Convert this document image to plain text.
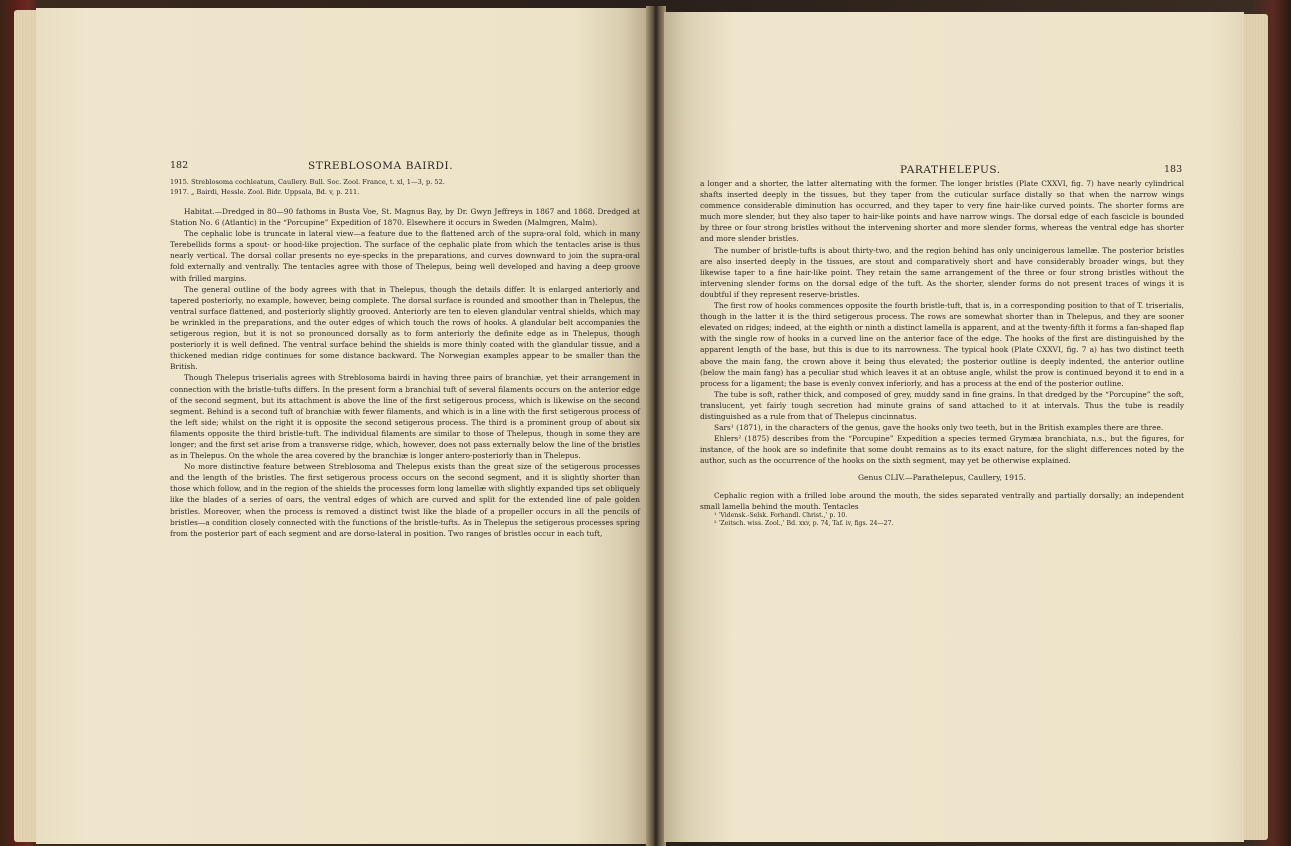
182	STREBLOSOMA BAIRDI.

1915. Streblosoma cochleatum, Caullery. Bull. Soc. Zool. France, t. xl, 1—3, p. 52.

1917. „ Bairdi, Hessle. Zool. Bidr. Uppsala, Bd. v, p. 211.

Habitat.—Dredged in 80—90 fathoms in Busta Voe, St. Magnus Bay, by Dr. Gwyn Jeffreys in 1867 and 1868. Dredged at Station No. 6 (Atlantic) in the “Porcupine” Expedition of 1870. Elsewhere it occurs in Sweden (Malmgren, Malm).

The cephalic lobe is truncate in lateral view—a feature due to the flattened arch of the supra-oral fold, which in many Terebellids forms a spout- or hood-like projection. The surface of the cephalic plate from which the tentacles arise is thus nearly vertical. The dorsal collar presents no eye-specks in the preparations, and curves downward to join the supra-oral fold externally and ventrally. The tentacles agree with those of Thelepus, being well developed and having a deep groove with frilled margins.

The general outline of the body agrees with that in Thelepus, though the details differ. It is enlarged anteriorly and tapered posteriorly, no example, however, being complete. The dorsal surface is rounded and smoother than in Thelepus, the ventral surface flattened, and posteriorly slightly grooved. Anteriorly are ten to eleven glandular ventral shields, which may be wrinkled in the preparations, and the outer edges of which touch the rows of hooks. A glandular belt accompanies the setigerous region, but it is not so pronounced dorsally as to form anteriorly the definite edge as in Thelepus, though posteriorly it is well defined. The ventral surface behind the shields is more thinly coated with the glandular tissue, and a thickened median ridge continues for some distance backward. The Norwegian examples appear to be smaller than the British.

Though Thelepus triserialis agrees with Streblosoma bairdi in having three pairs of branchiæ, yet their arrangement in connection with the bristle-tufts differs. In the present form a branchial tuft of several filaments occurs on the anterior edge of the second segment, but its attachment is above the line of the first setigerous process, which is likewise on the second segment. Behind is a second tuft of branchiæ with fewer filaments, and which is in a line with the first setigerous process of the left side; whilst on the right it is opposite the second setigerous process. The third is a prominent group of about six filaments opposite the third bristle-tuft. The individual filaments are similar to those of Thelepus, though in some they are longer; and the first set arise from a transverse ridge, which, however, does not pass externally below the line of the bristles as in Thelepus. On the whole the area covered by the branchiæ is longer antero-posteriorly than in Thelepus.

No more distinctive feature between Streblosoma and Thelepus exists than the great size of the setigerous processes and the length of the bristles. The first setigerous process occurs on the second segment, and it is slightly shorter than those which follow, and in the region of the shields the processes form long lamellæ with slightly expanded tips set obliquely like the blades of a series of oars, the ventral edges of which are curved and split for the extended line of pale golden bristles. Moreover, when the process is removed a distinct twist like the blade of a propeller occurs in all the pencils of bristles—a condition closely connected with the functions of the bristle-tufts. As in Thelepus the setigerous processes spring from the posterior part of each segment and are dorso-lateral in position. Two ranges of bristles occur in each tuft,

PARATHELEPUS.	183

a longer and a shorter, the latter alternating with the former. The longer bristles (Plate CXXVI, fig. 7) have nearly cylindrical shafts inserted deeply in the tissues, but they taper from the cuticular surface distally so that when the narrow wings commence considerable diminution has occurred, and they taper to very fine hair-like curved points. The shorter forms are much more slender, but they also taper to hair-like points and have narrow wings. The dorsal edge of each fascicle is bounded by three or four strong bristles without the intervening shorter and more slender forms, whereas the ventral edge has shorter and more slender bristles.

The number of bristle-tufts is about thirty-two, and the region behind has only uncinigerous lamellæ. The posterior bristles are also inserted deeply in the tissues, are stout and comparatively short and have considerably broader wings, but they likewise taper to a fine hair-like point. They retain the same arrangement of the three or four strong bristles without the intervening slender forms on the dorsal edge of the tuft. As the shorter, slender forms do not present traces of wings it is doubtful if they represent reserve-bristles.

The first row of hooks commences opposite the fourth bristle-tuft, that is, in a corresponding position to that of T. triserialis, though in the latter it is the third setigerous process. The rows are somewhat shorter than in Thelepus, and they are sooner elevated on ridges; indeed, at the eighth or ninth a distinct lamella is apparent, and at the twenty-fifth it forms a fan-shaped flap with the single row of hooks in a curved line on the anterior face of the edge. The hooks of the first are distinguished by the apparent length of the base, but this is due to its narrowness. The typical hook (Plate CXXVI, fig. 7 a) has two distinct teeth above the main fang, the crown above it being thus elevated; the posterior outline is deeply indented, the anterior outline (below the main fang) has a peculiar stud which leaves it at an obtuse angle, whilst the prow is continued beyond it to end in a process for a ligament; the base is evenly convex inferiorly, and has a process at the end of the posterior outline.

The tube is soft, rather thick, and composed of grey, muddy sand in fine grains. In that dredged by the “Porcupine” the soft, translucent, yet fairly tough secretion had minute grains of sand attached to it at intervals. Thus the tube is readily distinguished as a rule from that of Thelepus cincinnatus.

Sars¹ (1871), in the characters of the genus, gave the hooks only two teeth, but in the British examples there are three.

Ehlers² (1875) describes from the “Porcupine” Expedition a species termed Grymæa branchiata, n.s., but the figures, for instance, of the hook are so indefinite that some doubt remains as to its exact nature, for the slight differences noted by the author, such as the occurrence of the hooks on the sixth segment, may yet be otherwise explained.

Genus CLIV.—Parathelepus, Caullery, 1915.

Cephalic region with a frilled lobe around the mouth, the sides separated ventrally and partially dorsally; an independent small lamella behind the mouth. Tentacles

¹ ‘Vidensk.-Selsk. Forhandl. Christ.,’ p. 10.

² ‘Zeitsch. wiss. Zool.,’ Bd. xxv, p. 74, Taf. iv, figs. 24—27.
